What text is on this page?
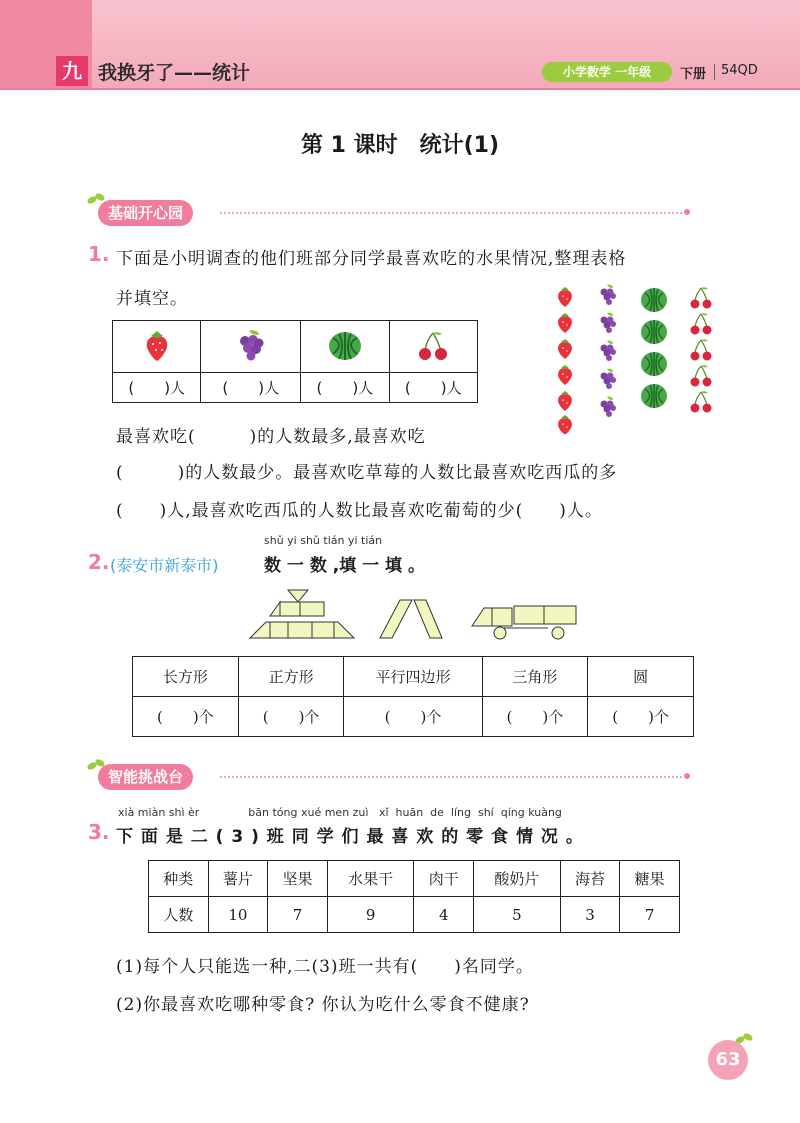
九 我换牙了——统计	小学数学 一年级	下册 54QD
第 1 课时　统计(1)
基础开心园
1. 下面是小明调查的他们班部分同学最喜欢吃的水果情况,整理表格
并填空。

(　　)人	(　　)人	(　　)人	(　　)人
最喜欢吃(　　　)的人数最多,最喜欢吃
(　　　)的人数最少。最喜欢吃草莓的人数比最喜欢吃西瓜的多
(　　)人,最喜欢吃西瓜的人数比最喜欢吃葡萄的少(　　)人。
shǔ yi shǔ tián yi tián
2. (泰安市新泰市)	数 一 数 ,填 一 填 。
长方形	正方形	平行四边形	三角形	圆
(　　)个	(　　)个	(　　)个	(　　)个	(　　)个
智能挑战台
xià miàn shì èr              bān tóng xué men zuì   xǐ  huān  de  líng  shí  qíng kuàng
3. 下 面 是 二 ( 3 ) 班 同 学 们 最 喜 欢 的 零 食 情 况 。
种类	薯片	坚果	水果干	肉干	酸奶片	海苔	糖果
人数	10	7	9	4	5	3	7
(1)每个人只能选一种,二(3)班一共有(　　)名同学。
(2)你最喜欢吃哪种零食? 你认为吃什么零食不健康?
63
